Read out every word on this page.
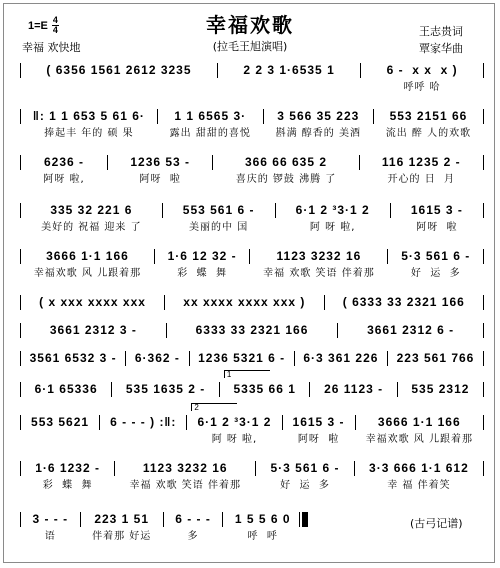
幸福欢歌
(拉毛王旭演唱)
$1=E \frac{4}{4}$
幸福 欢快地
王志贵词
覃家华曲
( 6356 1561 2612 3235	2 2 3 1·6535 1	6 -  x x  x )
呼呼 哈
‖: 1 1 653 5 61 6·
捧起丰 年的 硕 果
1 1 6565 3·
露出 甜甜的喜悦
3 566 35 223
斟满 醇香的 美酒
553 2151 66
流出 醉 人的欢歌
6236 -
阿呀 啦,
1236 53 -
阿呀  啦
366 66 635 2
喜庆的 锣鼓 沸腾 了
116 1235 2 -
开心的 日  月
335 32 221 6
美好的 祝福 迎来 了
553 561 6 -
美丽的中 国
6·1 2 ³3·1 2
阿 呀 啦,
1615 3 -
阿呀  啦
3666 1·1 166
幸福欢歌 风 儿跟着那
1·6 12 32 -
彩  蝶  舞
1123 3232 16
幸福 欢歌 笑语 伴着那
5·3 561 6 -
好  运  多
( x xxx xxxx xxx	xx xxxx xxxx xxx )	( 6333 33 2321 166
3661 2312 3 -	6333 33 2321 166	3661 2312 6 -
3561 6532 3 -	6·362 -	1236 5321 6 -	6·3 361 226	223 561 766
6·1 65336	535 1635 2 -
1
5335 66 1	26 1123 -	535 2312
553 5621	6 - - - ) :‖:
2
6·1 2 ³3·1 2
阿 呀 啦,
1615 3 -
阿呀  啦
3666 1·1 166
幸福欢歌 风 儿跟着那
1·6 1232 -
彩  蝶  舞
1123 3232 16
幸福 欢歌 笑语 伴着那
5·3 561 6 -
好  运  多
3·3 666 1·1 612
幸 福 伴着笑
3 - - -
语
223 1 51
伴着那 好运
6 - - -
多
1 5 5 6 0
呼  呼
(古弓记谱)
